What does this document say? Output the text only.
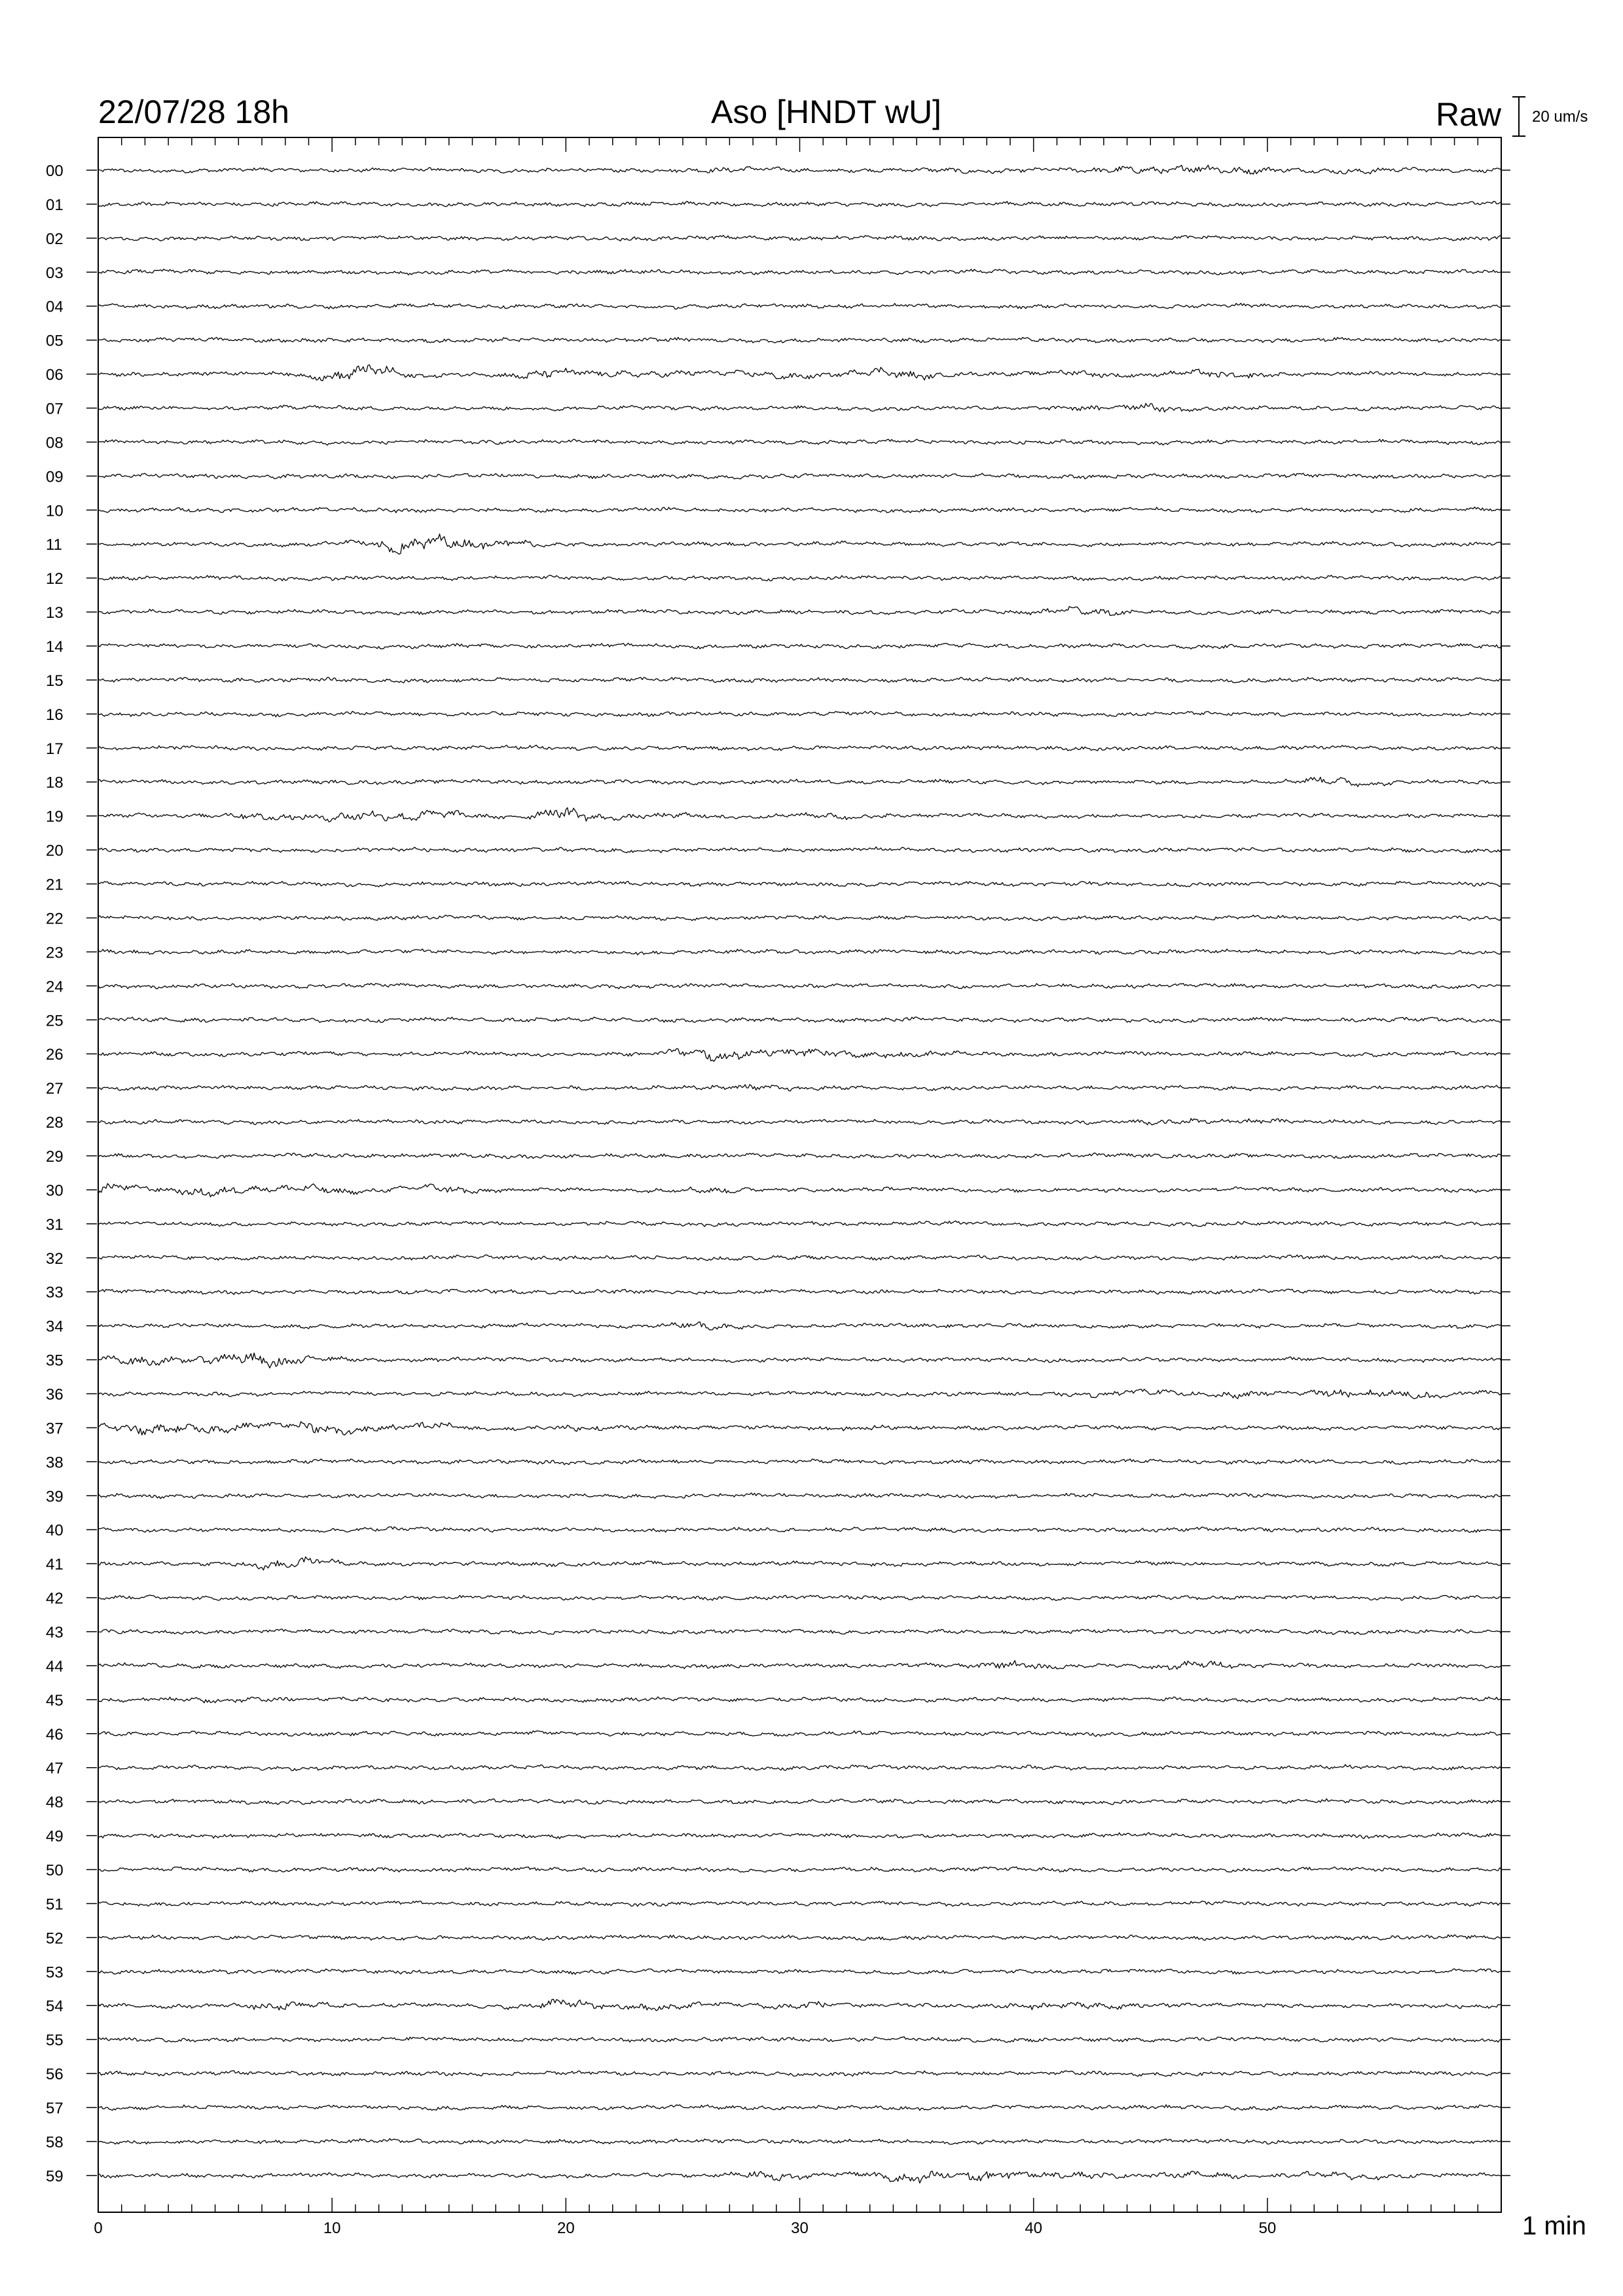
22/07/28 18h	Aso [HNDT wU]	Raw 20 um/s
0	10	20	30	40	50
00
01
02
03
04
05
06
07
08
09
10
11
12
13
14
15
16
17
18
19
20
21
22
23
24
25
26
27
28
29
30
31
32
33
34
35
36
37
38
39
40
41
42
43
44
45
46
47
48
49
50
51
52
53
54
55
56
57
58
59
1 min
